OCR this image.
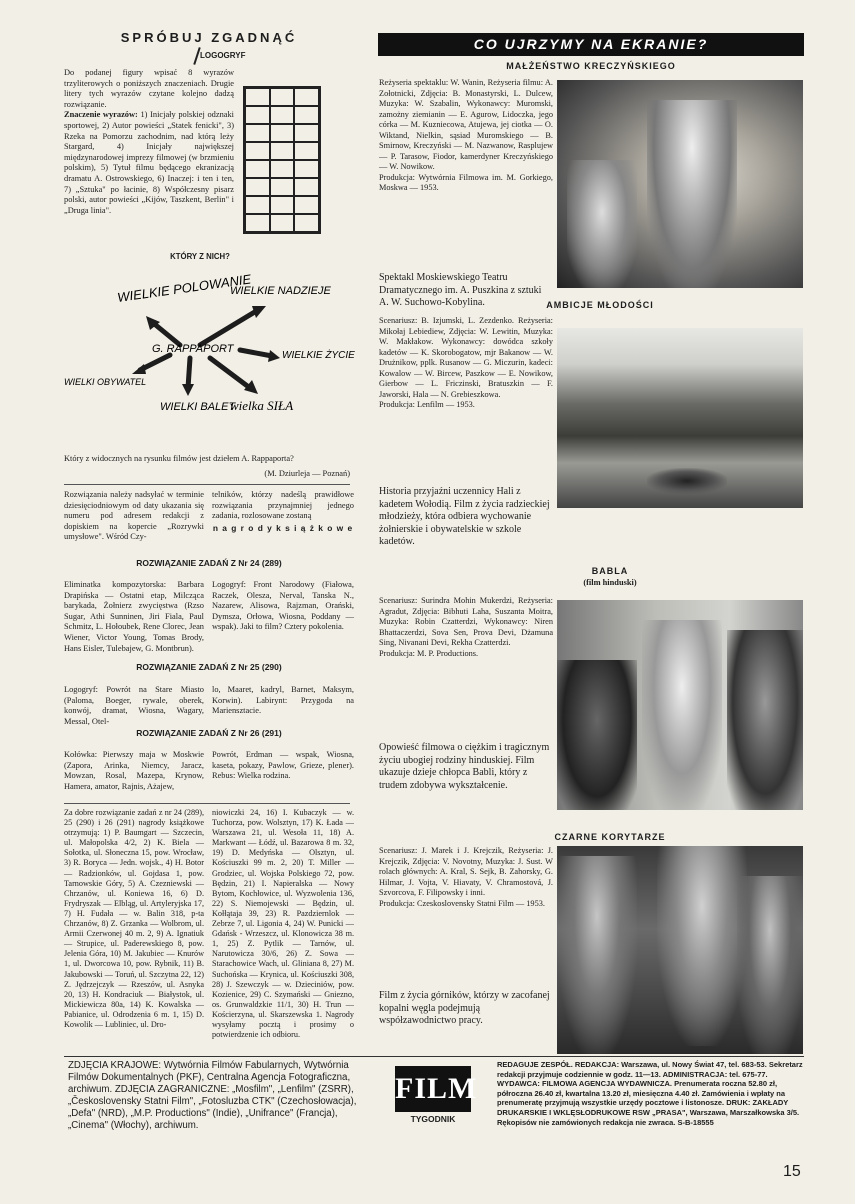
SPRÓBUJ ZGADNĄĆ
LOGOGRYF
Do podanej figury wpisać 8 wyrazów trzyliterowych o poniższych znaczeniach. Drugie litery tych wyrazów czytane kolejno dadzą rozwiązanie.
Znaczenie wyrazów: 1) Inicjały polskiej odznaki sportowej, 2) Autor powieści „Statek fenicki", 3) Rzeka na Pomorzu zachodnim, nad którą leży Stargard, 4) Inicjały największej międzynarodowej imprezy filmowej (w brzmieniu polskim), 5) Tytuł filmu będącego ekranizacją dramatu A. Ostrowskiego, 6) Inaczej: i ten i ten, 7) „Sztuka" po łacinie, 8) Współczesny pisarz polski, autor powieści „Kijów, Taszkent, Berlin" i „Druga linia".
KTÓRY Z NICH?
WIELKIE POLOWANIE
WIELKIE NADZIEJE
G. RAPPAPORT
WIELKIE ŻYCIE
WIELKI OBYWATEL
WIELKI BALET
wielka SIŁA
Który z widocznych na rysunku filmów jest dziełem A. Rappaporta?
(M. Dziurleja — Poznań)
Rozwiązania należy nadsyłać w terminie dziesięciodniowym od daty ukazania się numeru pod adresem redakcji z dopiskiem na kopercie „Rozrywki umysłowe". Wśród Czy-
telników, którzy nadeślą prawidłowe rozwiązania przynajmniej jednego zadania, rozlosowane zostaną
n a g r o d y k s i ą ż k o w e
ROZWIĄZANIE ZADAŃ Z Nr 24 (289)
Eliminatka kompozytorska: Barbara Drapińska — Ostatni etap, Milcząca barykada, Żołnierz zwycięstwa (Rzso Sugar, Athi Sunninen, Jiri Fiala, Paul Schmitz, L. Hołoubek, Rene Clorec, Jean Wiener, Victor Young, Tomas Brody, Hans Eisler, Tulebajew, G. Montbrun).
Logogryf: Front Narodowy (Fiałowa, Raczek, Olesza, Nerval, Tanska N., Nazarew, Alisowa, Rajzman, Orański, Dymsza, Orłowa, Wiosna, Poddany — wspak). Jaki to film? Cztery pokolenia.
ROZWIĄZANIE ZADAŃ Z Nr 25 (290)
Logogryf: Powrót na Stare Miasto (Paloma, Boeger, rywale, oberek, konwój, dramat, Wiosna, Wagary, Messal, Otel-
lo, Maaret, kadryl, Barnet, Maksym, Korwin). Labirynt: Przygoda na Mariensztacie.
ROZWIĄZANIE ZADAŃ Z Nr 26 (291)
Kołówka: Pierwszy maja w Moskwie (Zapora, Arinka, Niemcy, Jaracz, Mowzan, Rosal, Mazepa, Krynow, Hamera, amator, Rajnis, Ażajew,
Powrót, Erdman — wspak, Wiosna, kaseta, pokazy, Pawlow, Grieze, plener). Rebus: Wielka rodzina.
Za dobre rozwiązanie zadań z nr 24 (289), 25 (290) i 26 (291) nagrody książkowe otrzymują: 1) P. Baumgart — Szczecin, ul. Małopolska 4/2, 2) K. Biela — Sołotka, ul. Słoneczna 15, pow. Wrocław, 3) R. Boryca — Jedn. wojsk., 4) H. Botor — Radzionków, ul. Gojdasa 1, pow. Tarnowskie Góry, 5) A. Czezniewski — Chrzanów, ul. Koniewa 16, 6) D. Frydryszak — Elbląg, ul. Artyleryjska 17, 7) H. Fudała — w. Balin 318, p-ta Chrzanów, 8) Z. Grzanka — Wolbrom, ul. Armii Czerwonej 40 m. 2, 9) A. Ignatiuk — Strupice, ul. Paderewskiego 8, pow. Jelenia Góra, 10) M. Jakubiec — Knurów 1, ul. Dworcowa 10, pow. Rybnik, 11) B. Jakubowski — Toruń, ul. Szczytna 22, 12) Z. Jędrzejczyk — Rzeszów, ul. Asnyka 20, 13) H. Kondraciuk — Białystok, ul. Mickiewicza 80a, 14) K. Kowalska — Pabianice, ul. Odrodzenia 6 m. 1, 15) D. Kowolik — Lubliniec, ul. Dro-
niowiczki 24, 16) I. Kubaczyk — w. Tuchorza, pow. Wolsztyn, 17) K. Łada — Warszawa 21, ul. Wesoła 11, 18) A. Markwant — Łódź, ul. Bazarowa 8 m. 32, 19) D. Medyńska — Olsztyn, ul. Kościuszki 99 m. 2, 20) T. Miller — Grodziec, ul. Wojska Polskiego 72, pow. Będzin, 21) I. Napieralska — Nowy Bytom, Kochłowice, ul. Wyzwolenia 136, 22) S. Niemojewski — Będzin, ul. Kołłątaja 39, 23) R. Pazdziernlok — Zebrze 7, ul. Ligonia 4, 24) W. Punicki — Gdańsk - Wrzeszcz, ul. Klonowicza 38 m. 1, 25) Z. Pytlik — Tarnów, ul. Narutowicza 30/6, 26) Z. Sowa — Starachowice Wach, ul. Gliniana 8, 27) M. Suchońska — Krynica, ul. Kościuszki 308, 28) J. Szewczyk — w. Dzieciniów, pow. Kozienice, 29) C. Szymański — Gniezno, os. Grunwaldzkie 11/1, 30) H. Trun — Kościerzyna, ul. Skarszewska 1. Nagrody wysyłamy pocztą i prosimy o potwierdzenie ich odbioru.
CO UJRZYMY NA EKRANIE?
MAŁŻEŃSTWO KRECZYŃSKIEGO
Reżyseria spektaklu: W. Wanin, Reżyseria filmu: A. Zołotnicki, Zdjęcia: B. Monastyrski, L. Dulcew, Muzyka: W. Szabalin, Wykonawcy: Muromski, zamożny ziemianin — E. Agurow, Lidoczka, jego córka — M. Kuzniecowa, Atujewa, jej ciotka — O. Wiktand, Nielkin, sąsiad Muromskiego — B. Smirnow, Kreczyński — M. Nazwanow, Rasplujew — P. Tarasow, Fiodor, kamerdyner Kreczyńskiego — W. Nowikow.
Produkcja: Wytwórnia Filmowa im. M. Gorkiego, Moskwa — 1953.
Spektakl Moskiewskiego Teatru Dramatycznego im. A. Puszkina z sztuki A. W. Suchowo-Kobylina.	AMBICJE MŁODOŚCI
Scenariusz: B. Izjumski, L. Zezdenko. Reżyseria: Mikołaj Lebiediew, Zdjęcia: W. Lewitin, Muzyka: W. Makłakow. Wykonawcy: dowódca szkoły kadetów — K. Skorobogatow, mjr Bakanow — W. Drużnikow, pplk. Rusanow — G. Miczurin, kadeci: Kowalow — W. Bircew, Paszkow — E. Nowikow, Gierbow — L. Friczinski, Bratuszkin — F. Jaworski, Hala — N. Grebieszkowa.
Produkcja: Lenfilm — 1953.
Historia przyjaźni uczennicy Hali z kadetem Wołodią. Film z życia radzieckiej młodzieży, która odbiera wychowanie żołnierskie i obywatelskie w szkole kadetów.
BABLA
(film hinduski)
Scenariusz: Surindra Mohin Mukerdzi, Reżyseria: Agradut, Zdjęcia: Bibhuti Laha, Suszanta Moitra, Muzyka: Robin Czatterdzi, Wykonawcy: Niren Bhattaczerdzi, Sova Sen, Prova Devi, Dżamuna Sing, Nivanani Devi, Rekha Czatterdzi.
Produkcja: M. P. Productions.
Opowieść filmowa o ciężkim i tragicznym życiu ubogiej rodziny hinduskiej. Film ukazuje dzieje chłopca Babli, który z trudem zdobywa wykształcenie.
CZARNE KORYTARZE
Scenariusz: J. Marek i J. Krejczik, Reżyseria: J. Krejczik, Zdjęcia: V. Novotny, Muzyka: J. Sust. W rolach głównych: A. Kral, S. Sejk, B. Zahorsky, G. Hilmar, J. Vojta, V. Hiavaty, V. Chramostová, J. Szvorcova, F. Filipowsky i inni.
Produkcja: Czeskoslovensky Statni Film — 1953.
Film z życia górników, którzy w zacofanej kopalni węgla podejmują współzawodnictwo pracy.
ZDJĘCIA KRAJOWE: Wytwórnia Filmów Fabularnych, Wytwórnia Filmów Dokumentalnych (PKF), Centralna Agencja Fotograficzna, archiwum. ZDJĘCIA ZAGRANICZNE: „Mosfilm", „Lenfilm" (ZSRR), „Československy Statni Film", „Fotosluzba CTK" (Czechosłowacja), „Defa" (NRD), „M.P. Productions" (Indie), „Unifrance" (Francja), „Cinema" (Włochy), archiwum.
FILM
TYGODNIK
REDAGUJE ZESPÓŁ. REDAKCJA: Warszawa, ul. Nowy Świat 47, tel. 683-53. Sekretarz redakcji przyjmuje codziennie w godz. 11—13. ADMINISTRACJA: tel. 675-77. WYDAWCA: FILMOWA AGENCJA WYDAWNICZA. Prenumerata roczna 52.80 zł, półroczna 26.40 zł, kwartalna 13.20 zł, miesięczna 4.40 zł. Zamówienia i wpłaty na prenumeratę przyjmują wszystkie urzędy pocztowe i listonosze. DRUK: ZAKŁADY DRUKARSKIE I WKLĘSŁODRUKOWE RSW „PRASA", Warszawa, Marszałkowska 3/5. Rękopisów nie zamówionych redakcja nie zwraca. S-B-18555
15
